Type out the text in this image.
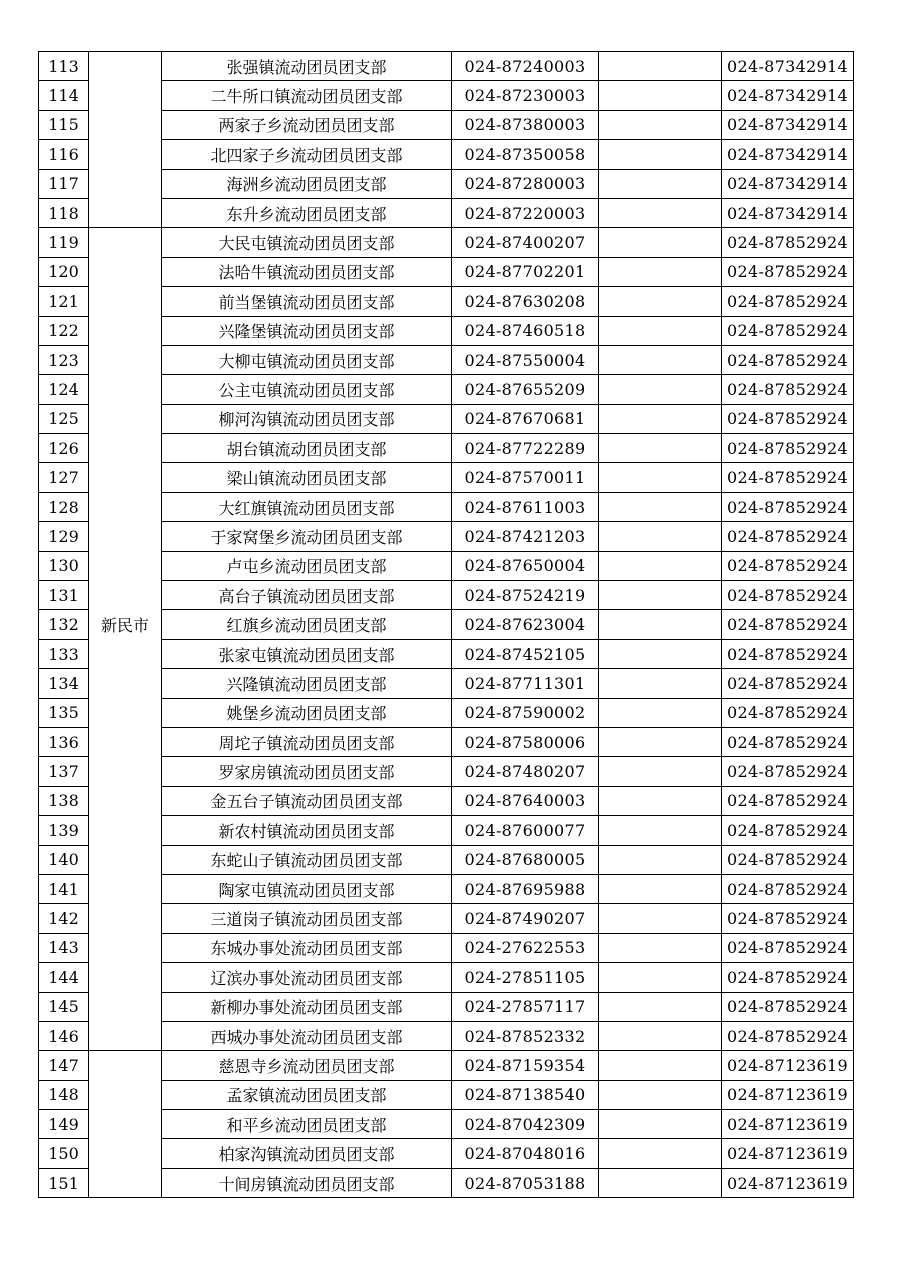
113		张强镇流动团员团支部	024-87240003		024-87342914
114		二牛所口镇流动团员团支部	024-87230003		024-87342914
115		两家子乡流动团员团支部	024-87380003		024-87342914
116		北四家子乡流动团员团支部	024-87350058		024-87342914
117		海洲乡流动团员团支部	024-87280003		024-87342914
118		东升乡流动团员团支部	024-87220003		024-87342914
119		大民屯镇流动团员团支部	024-87400207		024-87852924
120		法哈牛镇流动团员团支部	024-87702201		024-87852924
121		前当堡镇流动团员团支部	024-87630208		024-87852924
122		兴隆堡镇流动团员团支部	024-87460518		024-87852924
123		大柳屯镇流动团员团支部	024-87550004		024-87852924
124		公主屯镇流动团员团支部	024-87655209		024-87852924
125		柳河沟镇流动团员团支部	024-87670681		024-87852924
126		胡台镇流动团员团支部	024-87722289		024-87852924
127		梁山镇流动团员团支部	024-87570011		024-87852924
128		大红旗镇流动团员团支部	024-87611003		024-87852924
129		于家窝堡乡流动团员团支部	024-87421203		024-87852924
130		卢屯乡流动团员团支部	024-87650004		024-87852924
131		高台子镇流动团员团支部	024-87524219		024-87852924
132	新民市	红旗乡流动团员团支部	024-87623004		024-87852924
133		张家屯镇流动团员团支部	024-87452105		024-87852924
134		兴隆镇流动团员团支部	024-87711301		024-87852924
135		姚堡乡流动团员团支部	024-87590002		024-87852924
136		周坨子镇流动团员团支部	024-87580006		024-87852924
137		罗家房镇流动团员团支部	024-87480207		024-87852924
138		金五台子镇流动团员团支部	024-87640003		024-87852924
139		新农村镇流动团员团支部	024-87600077		024-87852924
140		东蛇山子镇流动团员团支部	024-87680005		024-87852924
141		陶家屯镇流动团员团支部	024-87695988		024-87852924
142		三道岗子镇流动团员团支部	024-87490207		024-87852924
143		东城办事处流动团员团支部	024-27622553		024-87852924
144		辽滨办事处流动团员团支部	024-27851105		024-87852924
145		新柳办事处流动团员团支部	024-27857117		024-87852924
146		西城办事处流动团员团支部	024-87852332		024-87852924
147		慈恩寺乡流动团员团支部	024-87159354		024-87123619
148		孟家镇流动团员团支部	024-87138540		024-87123619
149		和平乡流动团员团支部	024-87042309		024-87123619
150		柏家沟镇流动团员团支部	024-87048016		024-87123619
151		十间房镇流动团员团支部	024-87053188		024-87123619
